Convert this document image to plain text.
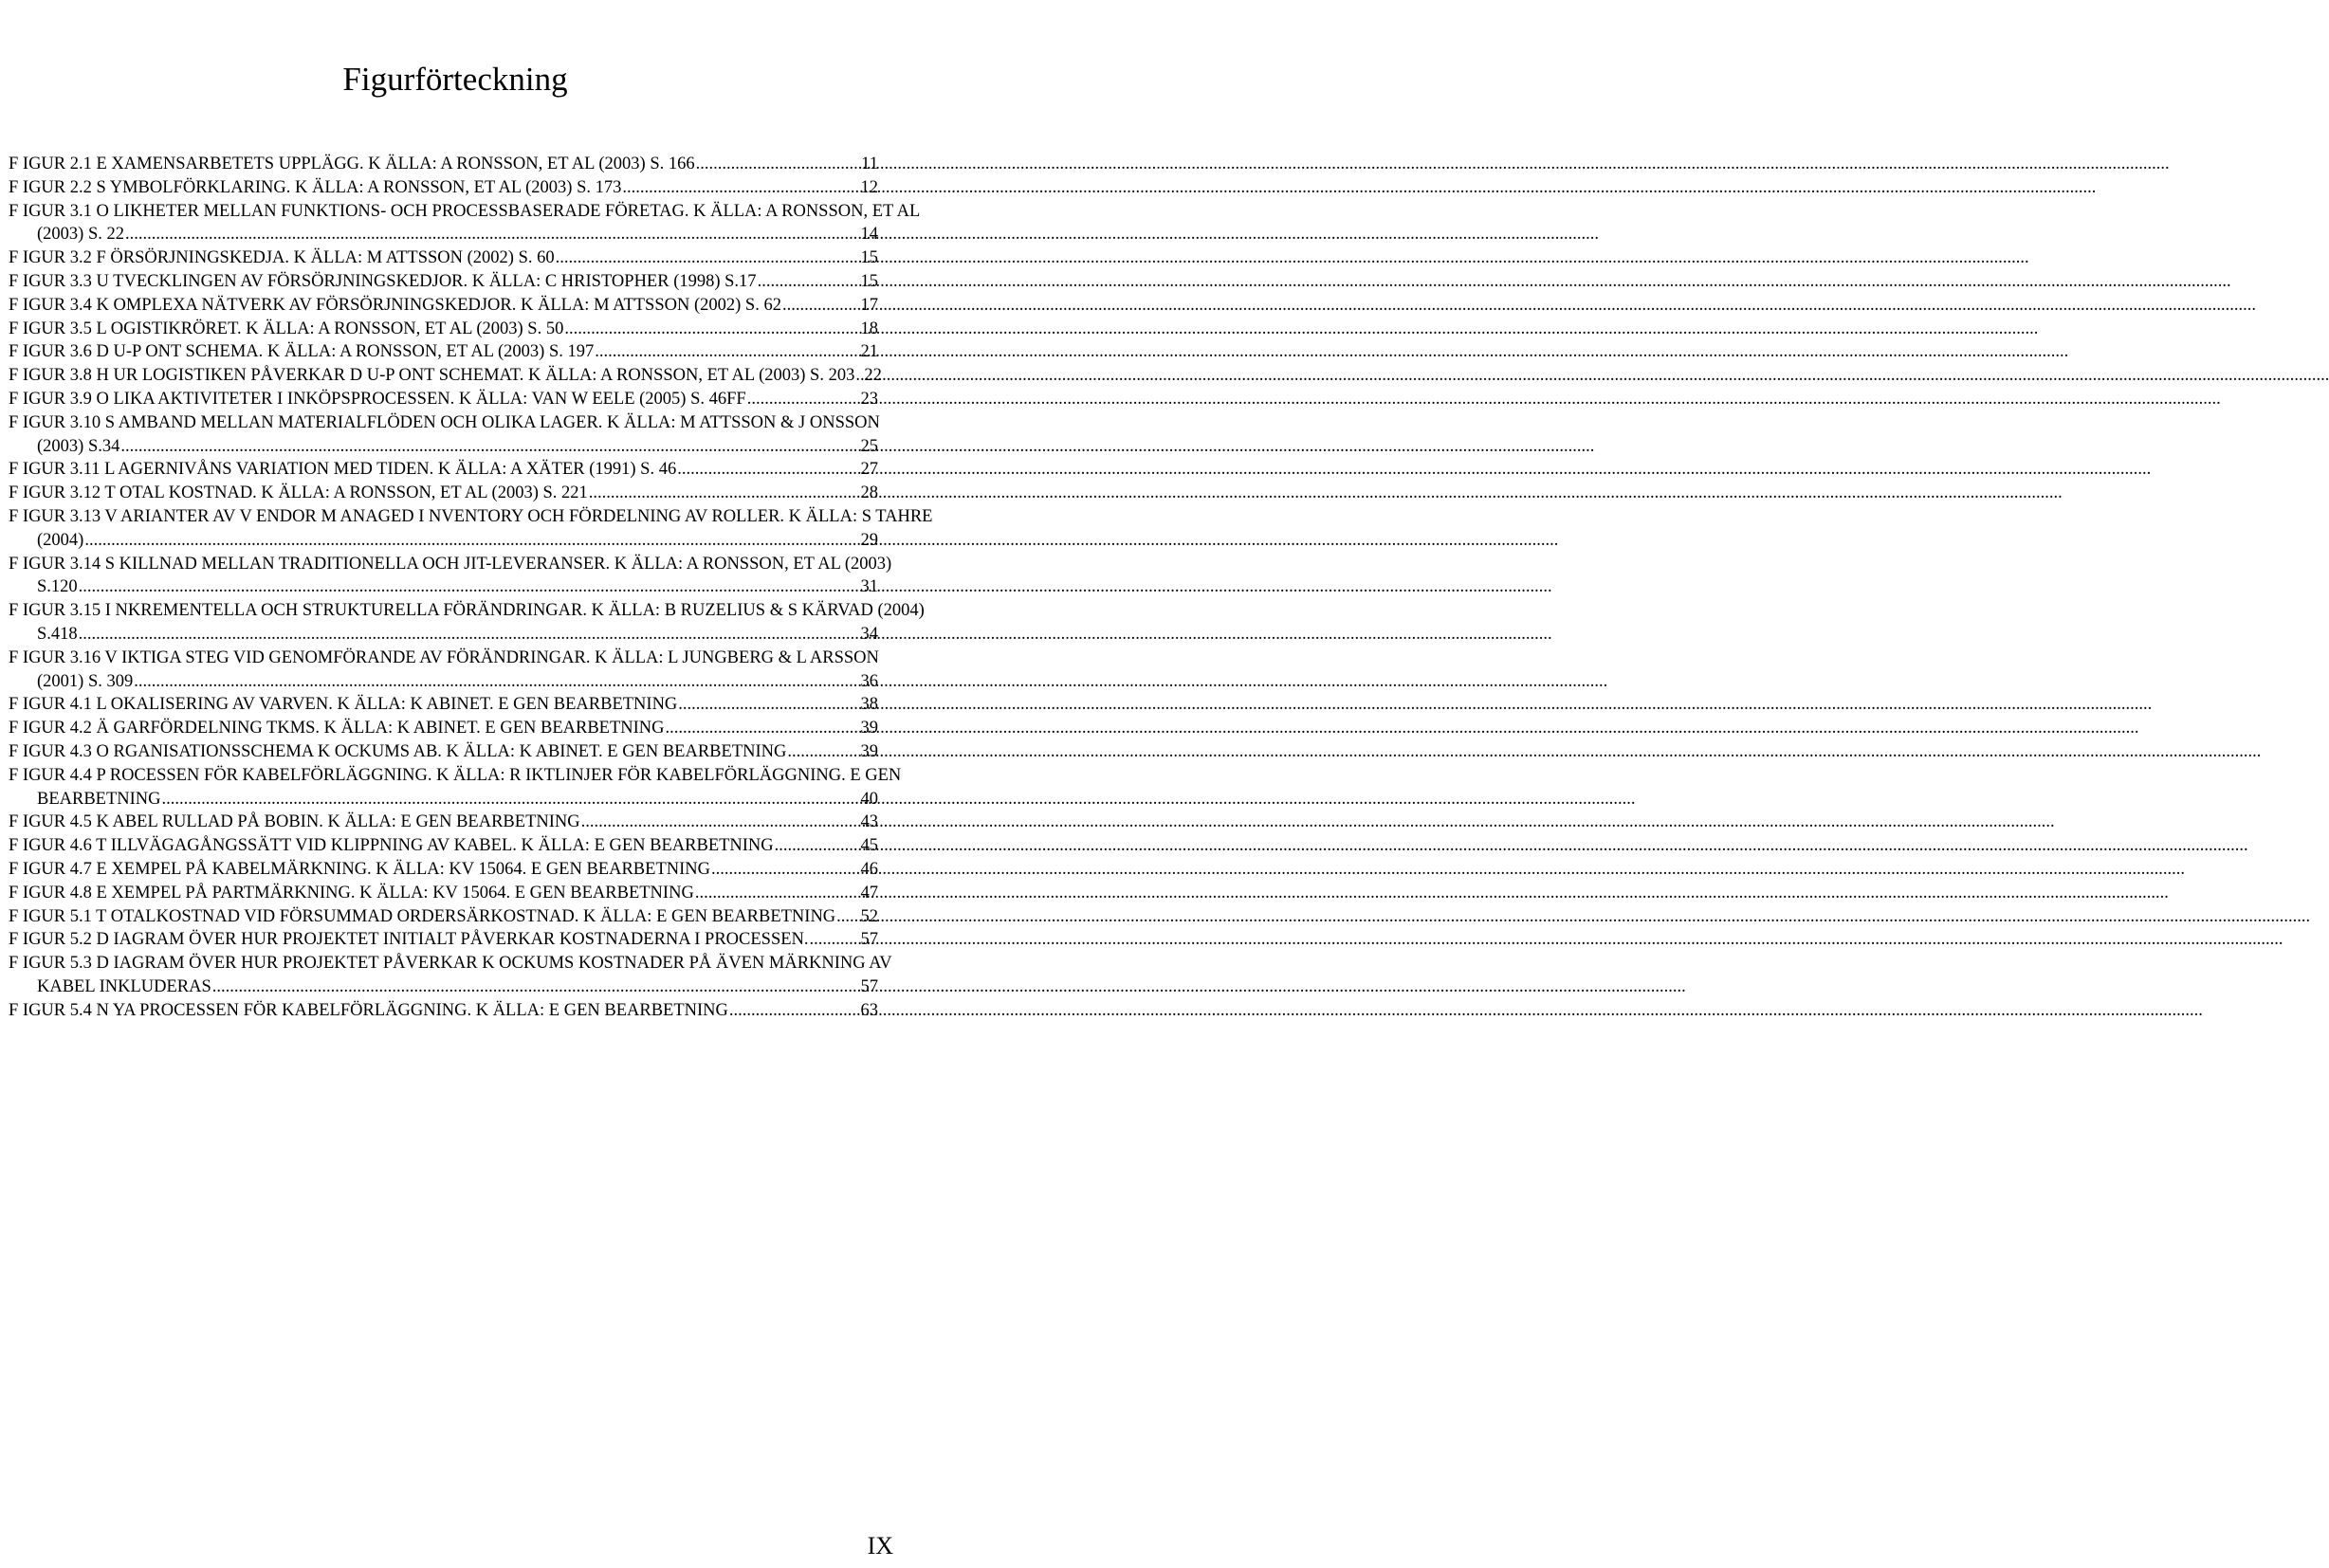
Figurförteckning
F IGUR 2.1 E XAMENSARBETETS UPPLÄGG. K ÄLLA: A RONSSON, ET AL (2003) S. 166 .....	11
F IGUR 2.2 S YMBOLFÖRKLARING. K ÄLLA: A RONSSON, ET AL (2003) S. 173 .....	12
F IGUR 3.1 O LIKHETER MELLAN FUNKTIONS- OCH PROCESSBASERADE FÖRETAG. K ÄLLA: A RONSSON, ET AL
(2003) S. 22 .....	14
F IGUR 3.2 F ÖRSÖRJNINGSKEDJA. K ÄLLA: M ATTSSON (2002) S. 60 .....	15
F IGUR 3.3 U TVECKLINGEN AV FÖRSÖRJNINGSKEDJOR. K ÄLLA: C HRISTOPHER (1998) S.17 .....	15
F IGUR 3.4 K OMPLEXA NÄTVERK AV FÖRSÖRJNINGSKEDJOR. K ÄLLA: M ATTSSON (2002) S. 62 .....	17
F IGUR 3.5 L OGISTIKRÖRET. K ÄLLA: A RONSSON, ET AL (2003) S. 50 .....	18
F IGUR 3.6 D U-P ONT SCHEMA. K ÄLLA: A RONSSON, ET AL (2003) S. 197 .....	21
F IGUR 3.8 H UR LOGISTIKEN PÅVERKAR D U-P ONT SCHEMAT. K ÄLLA: A RONSSON, ET AL (2003) S. 203 ..... 22
F IGUR 3.9 O LIKA AKTIVITETER I INKÖPSPROCESSEN. K ÄLLA: VAN W EELE (2005) S. 46FF .....	23
F IGUR 3.10 S AMBAND MELLAN MATERIALFLÖDEN OCH OLIKA LAGER. K ÄLLA: M ATTSSON & J ONSSON
(2003) S.34 .....	25
F IGUR 3.11 L AGERNIVÅNS VARIATION MED TIDEN. K ÄLLA: A XÄTER (1991) S. 46 .....	27
F IGUR 3.12 T OTAL KOSTNAD. K ÄLLA: A RONSSON, ET AL (2003) S. 221 .....	28
F IGUR 3.13 V ARIANTER AV V ENDOR M ANAGED I NVENTORY OCH FÖRDELNING AV ROLLER. K ÄLLA: S TAHRE
(2004) .....	29
F IGUR 3.14 S KILLNAD MELLAN TRADITIONELLA OCH JIT-LEVERANSER. K ÄLLA: A RONSSON, ET AL (2003)
S.120 .....	31
F IGUR 3.15 I NKREMENTELLA OCH STRUKTURELLA FÖRÄNDRINGAR. K ÄLLA: B RUZELIUS & S KÄRVAD (2004)
S.418 .....	34
F IGUR 3.16 V IKTIGA STEG VID GENOMFÖRANDE AV FÖRÄNDRINGAR. K ÄLLA: L JUNGBERG & L ARSSON
(2001) S. 309 .....	36
F IGUR 4.1 L OKALISERING AV VARVEN. K ÄLLA: K ABINET. E GEN BEARBETNING .....	38
F IGUR 4.2 Ä GARFÖRDELNING TKMS. K ÄLLA: K ABINET. E GEN BEARBETNING .....	39
F IGUR 4.3 O RGANISATIONSSCHEMA K OCKUMS AB. K ÄLLA: K ABINET. E GEN BEARBETNING .....	39
F IGUR 4.4 P ROCESSEN FÖR KABELFÖRLÄGGNING. K ÄLLA: R IKTLINJER FÖR KABELFÖRLÄGGNING. E GEN
BEARBETNING .....	40
F IGUR 4.5 K ABEL RULLAD PÅ BOBIN. K ÄLLA: E GEN BEARBETNING .....	43
F IGUR 4.6 T ILLVÄGAGÅNGSSÄTT VID KLIPPNING AV KABEL. K ÄLLA: E GEN BEARBETNING .....	45
F IGUR 4.7 E XEMPEL PÅ KABELMÄRKNING. K ÄLLA: KV 15064. E GEN BEARBETNING .....	46
F IGUR 4.8 E XEMPEL PÅ PARTMÄRKNING. K ÄLLA: KV 15064. E GEN BEARBETNING .....	47
F IGUR 5.1 T OTALKOSTNAD VID FÖRSUMMAD ORDERSÄRKOSTNAD. K ÄLLA: E GEN BEARBETNING ..... 52
F IGUR 5.2 D IAGRAM ÖVER HUR PROJEKTET INITIALT PÅVERKAR KOSTNADERNA I PROCESSEN. .....	57
F IGUR 5.3 D IAGRAM ÖVER HUR PROJEKTET PÅVERKAR K OCKUMS KOSTNADER PÅ ÄVEN MÄRKNING AV
KABEL INKLUDERAS .....	57
F IGUR 5.4 N YA PROCESSEN FÖR KABELFÖRLÄGGNING. K ÄLLA: E GEN BEARBETNING .....	63
IX
